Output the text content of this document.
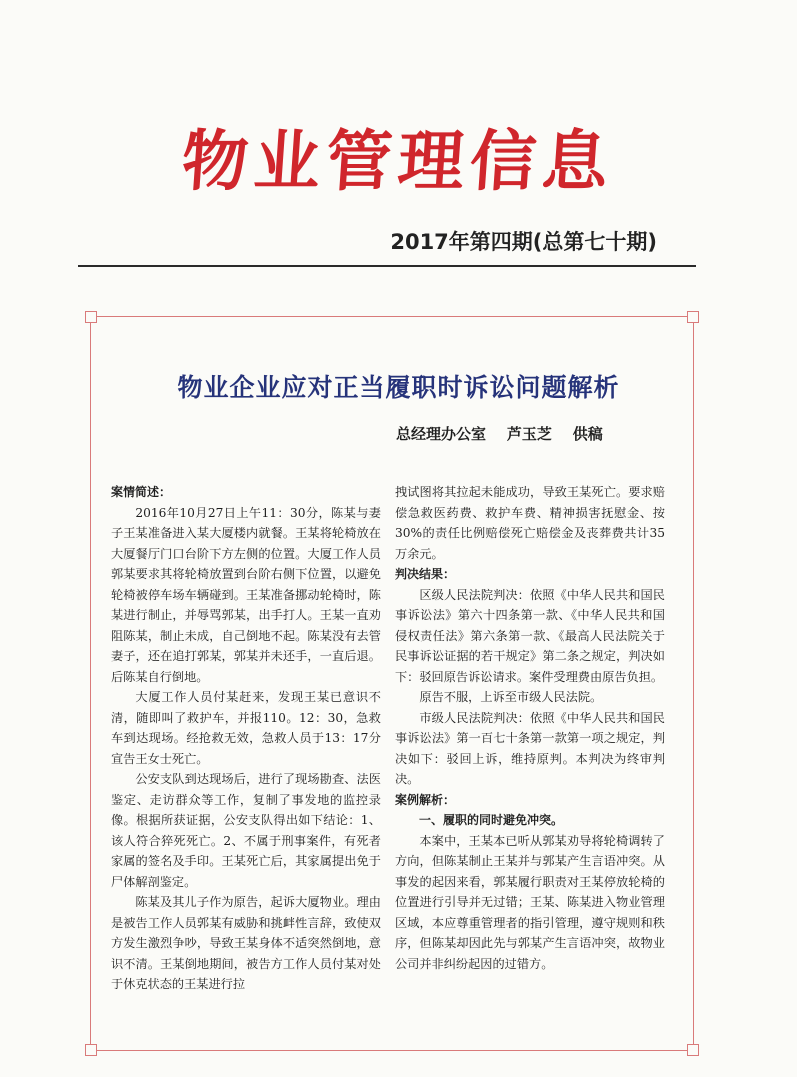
物业管理信息
2017年第四期(总第七十期)
物业企业应对正当履职时诉讼问题解析
总经理办公室    芦玉芝    供稿

案情简述：

2016年10月27日上午11：30分，陈某与妻子王某准备进入某大厦楼内就餐。王某将轮椅放在大厦餐厅门口台阶下方左侧的位置。大厦工作人员郭某要求其将轮椅放置到台阶右侧下位置，以避免轮椅被停车场车辆碰到。王某准备挪动轮椅时，陈某进行制止，并辱骂郭某，出手打人。王某一直劝阻陈某，制止未成，自己倒地不起。陈某没有去管妻子，还在追打郭某，郭某并未还手，一直后退。后陈某自行倒地。

大厦工作人员付某赶来，发现王某已意识不清，随即叫了救护车，并报110。12：30，急救车到达现场。经抢救无效，急救人员于13：17分宣告王女士死亡。

公安支队到达现场后，进行了现场勘查、法医鉴定、走访群众等工作，复制了事发地的监控录像。根据所获证据，公安支队得出如下结论：1、该人符合猝死死亡。2、不属于刑事案件，有死者家属的签名及手印。王某死亡后，其家属提出免于尸体解剖鉴定。

陈某及其儿子作为原告，起诉大厦物业。理由是被告工作人员郭某有威胁和挑衅性言辞，致使双方发生激烈争吵，导致王某身体不适突然倒地，意识不清。王某倒地期间，被告方工作人员付某对处于休克状态的王某进行拉

拽试图将其拉起未能成功，导致王某死亡。要求赔偿急救医药费、救护车费、精神损害抚慰金、按30%的责任比例赔偿死亡赔偿金及丧葬费共计35万余元。

判决结果：

区级人民法院判决：依照《中华人民共和国民事诉讼法》第六十四条第一款、《中华人民共和国侵权责任法》第六条第一款、《最高人民法院关于民事诉讼证据的若干规定》第二条之规定，判决如下：驳回原告诉讼请求。案件受理费由原告负担。

原告不服，上诉至市级人民法院。

市级人民法院判决：依照《中华人民共和国民事诉讼法》第一百七十条第一款第一项之规定，判决如下：驳回上诉，维持原判。本判决为终审判决。

案例解析：

一、履职的同时避免冲突。

本案中，王某本已听从郭某劝导将轮椅调转了方向，但陈某制止王某并与郭某产生言语冲突。从事发的起因来看，郭某履行职责对王某停放轮椅的位置进行引导并无过错；王某、陈某进入物业管理区域，本应尊重管理者的指引管理，遵守规则和秩序，但陈某却因此先与郭某产生言语冲突，故物业公司并非纠纷起因的过错方。
